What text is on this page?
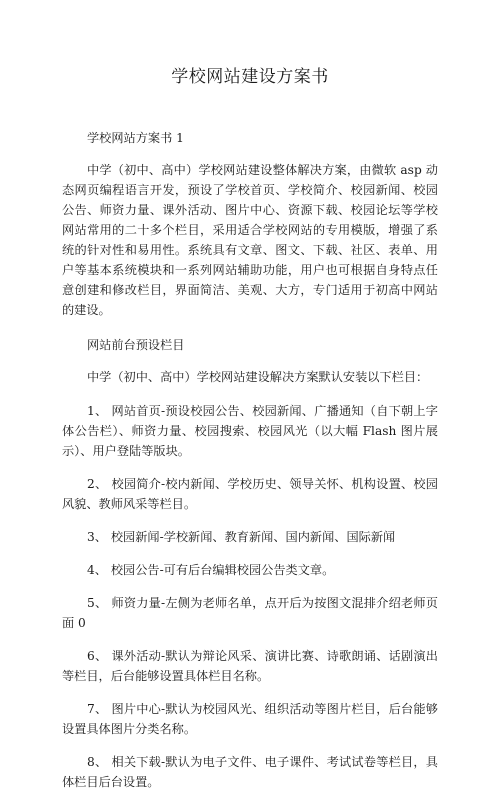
学校网站建设方案书

学校网站方案书 1

中学（初中、高中）学校网站建设整体解决方案，由微软 asp 动态网页编程语言开发，预设了学校首页、学校简介、校园新闻、校园公告、师资力量、课外活动、图片中心、资源下载、校园论坛等学校网站常用的二十多个栏目，采用适合学校网站的专用模版，增强了系统的针对性和易用性。系统具有文章、图文、下载、社区、表单、用户等基本系统模块和一系列网站辅助功能，用户也可根据自身特点任意创建和修改栏目，界面简洁、美观、大方，专门适用于初高中网站的建设。

网站前台预设栏目

中学（初中、高中）学校网站建设解决方案默认安装以下栏目：

1、 网站首页-预设校园公告、校园新闻、广播通知（自下朝上字体公告栏）、师资力量、校园搜索、校园风光（以大幅 Flash 图片展示）、用户登陆等版块。

2、 校园简介-校内新闻、学校历史、领导关怀、机构设置、校园风貌、教师风采等栏目。

3、 校园新闻-学校新闻、教育新闻、国内新闻、国际新闻

4、 校园公告-可有后台编辑校园公告类文章。

5、 师资力量-左侧为老师名单，点开后为按图文混排介绍老师页面 0

6、 课外活动-默认为辩论风采、演讲比赛、诗歌朗诵、话剧演出等栏目，后台能够设置具体栏目名称。

7、 图片中心-默认为校园风光、组织活动等图片栏目，后台能够设置具体图片分类名称。

8、 相关下载-默认为电子文件、电子课件、考试试卷等栏目，具体栏目后台设置。
